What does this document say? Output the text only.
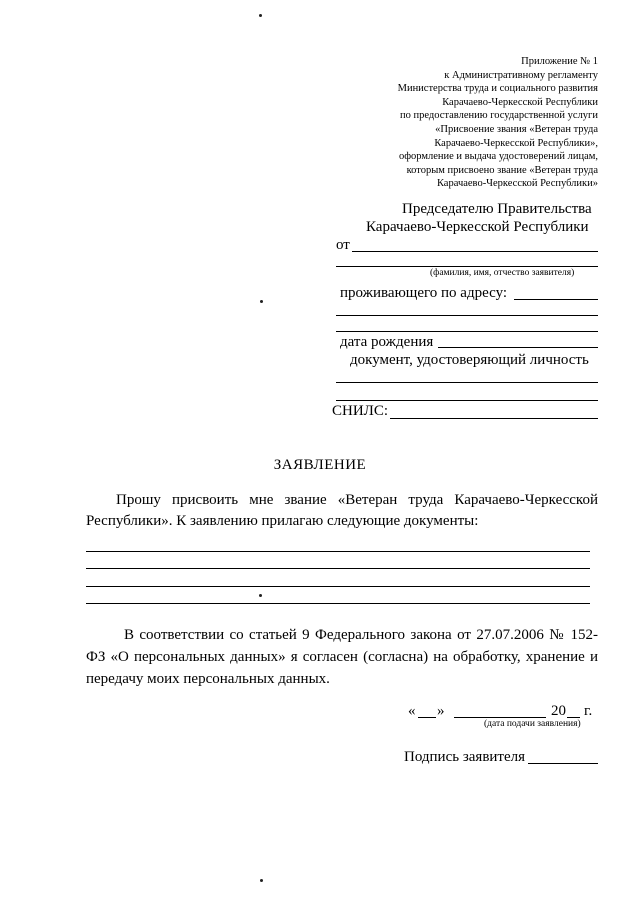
Приложение № 1
к Административному регламенту
Министерства труда и социального развития
Карачаево-Черкесской Республики
по предоставлению государственной услуги
«Присвоение звания «Ветеран труда
Карачаево-Черкесской Республики»,
оформление и выдача удостоверений лицам,
которым присвоено звание «Ветеран труда
Карачаево-Черкесской Республики»
Председателю Правительства
Карачаево-Черкесской Республики
от
(фамилия, имя, отчество заявителя)
проживающего по адресу:
дата рождения
документ, удостоверяющий личность
СНИЛС:
ЗАЯВЛЕНИЕ
Прошу присвоить мне звание «Ветеран труда Карачаево-Черкесской Республики». К заявлению прилагаю следующие документы:
В соответствии со статьей 9 Федерального закона от 27.07.2006 № 152-ФЗ «О персональных данных» я согласен (согласна) на обработку, хранение и передачу моих персональных данных.
« »	20 г.
(дата подачи заявления)
Подпись заявителя
